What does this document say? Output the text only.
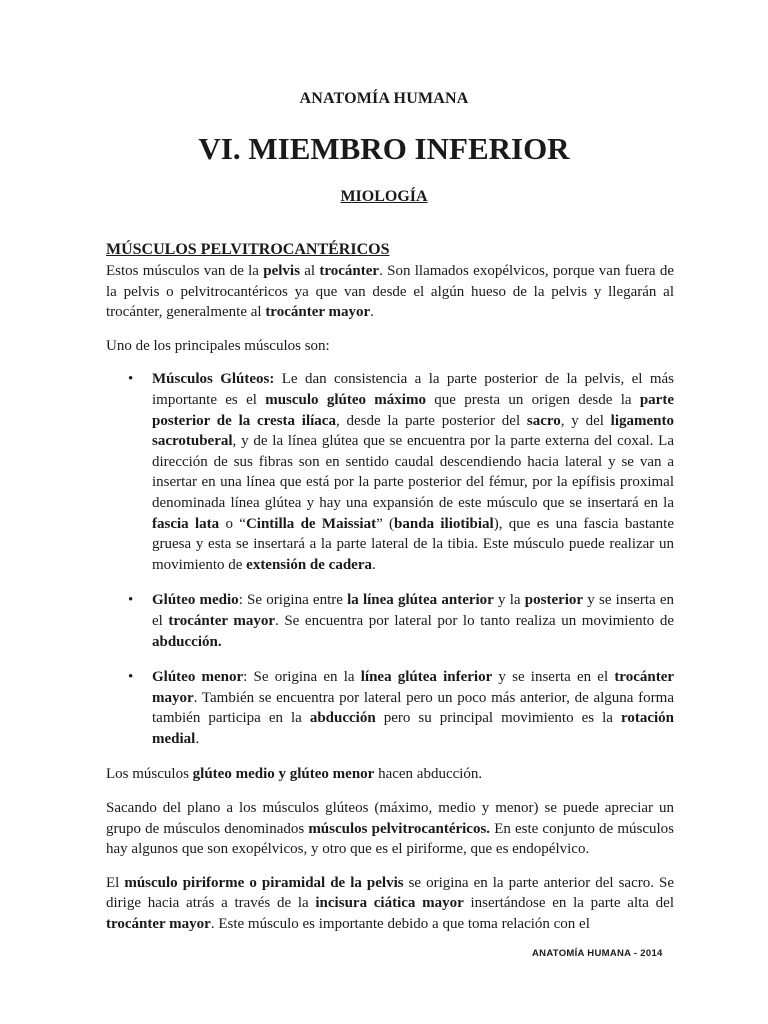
ANATOMÍA HUMANA
VI. MIEMBRO INFERIOR
MIOLOGÍA
MÚSCULOS PELVITROCANTÉRICOS

Estos músculos van de la pelvis al trocánter. Son llamados exopélvicos, porque van fuera de la pelvis o pelvitrocantéricos ya que van desde el algún hueso de la pelvis y llegarán al trocánter, generalmente al trocánter mayor.

Uno de los principales músculos son:

• Músculos Glúteos: Le dan consistencia a la parte posterior de la pelvis, el más importante es el musculo glúteo máximo que presta un origen desde la parte posterior de la cresta ilíaca, desde la parte posterior del sacro, y del ligamento sacrotuberal, y de la línea glútea que se encuentra por la parte externa del coxal. La dirección de sus fibras son en sentido caudal descendiendo hacia lateral y se van a insertar en una línea que está por la parte posterior del fémur, por la epífisis proximal denominada línea glútea y hay una expansión de este músculo que se insertará en la fascia lata o “Cintilla de Maissiat” (banda iliotibial), que es una fascia bastante gruesa y esta se insertará a la parte lateral de la tibia. Este músculo puede realizar un movimiento de extensión de cadera.
• Glúteo medio: Se origina entre la línea glútea anterior y la posterior y se inserta en el trocánter mayor. Se encuentra por lateral por lo tanto realiza un movimiento de abducción.
• Glúteo menor: Se origina en la línea glútea inferior y se inserta en el trocánter mayor. También se encuentra por lateral pero un poco más anterior, de alguna forma también participa en la abducción pero su principal movimiento es la rotación medial.

Los músculos glúteo medio y glúteo menor hacen abducción.

Sacando del plano a los músculos glúteos (máximo, medio y menor) se puede apreciar un grupo de músculos denominados músculos pelvitrocantéricos. En este conjunto de músculos hay algunos que son exopélvicos, y otro que es el piriforme, que es endopélvico.

El músculo piriforme o piramidal de la pelvis se origina en la parte anterior del sacro. Se dirige hacia atrás a través de la incisura ciática mayor insertándose en la parte alta del trocánter mayor. Este músculo es importante debido a que toma relación con el

ANATOMÍA HUMANA - 2014
